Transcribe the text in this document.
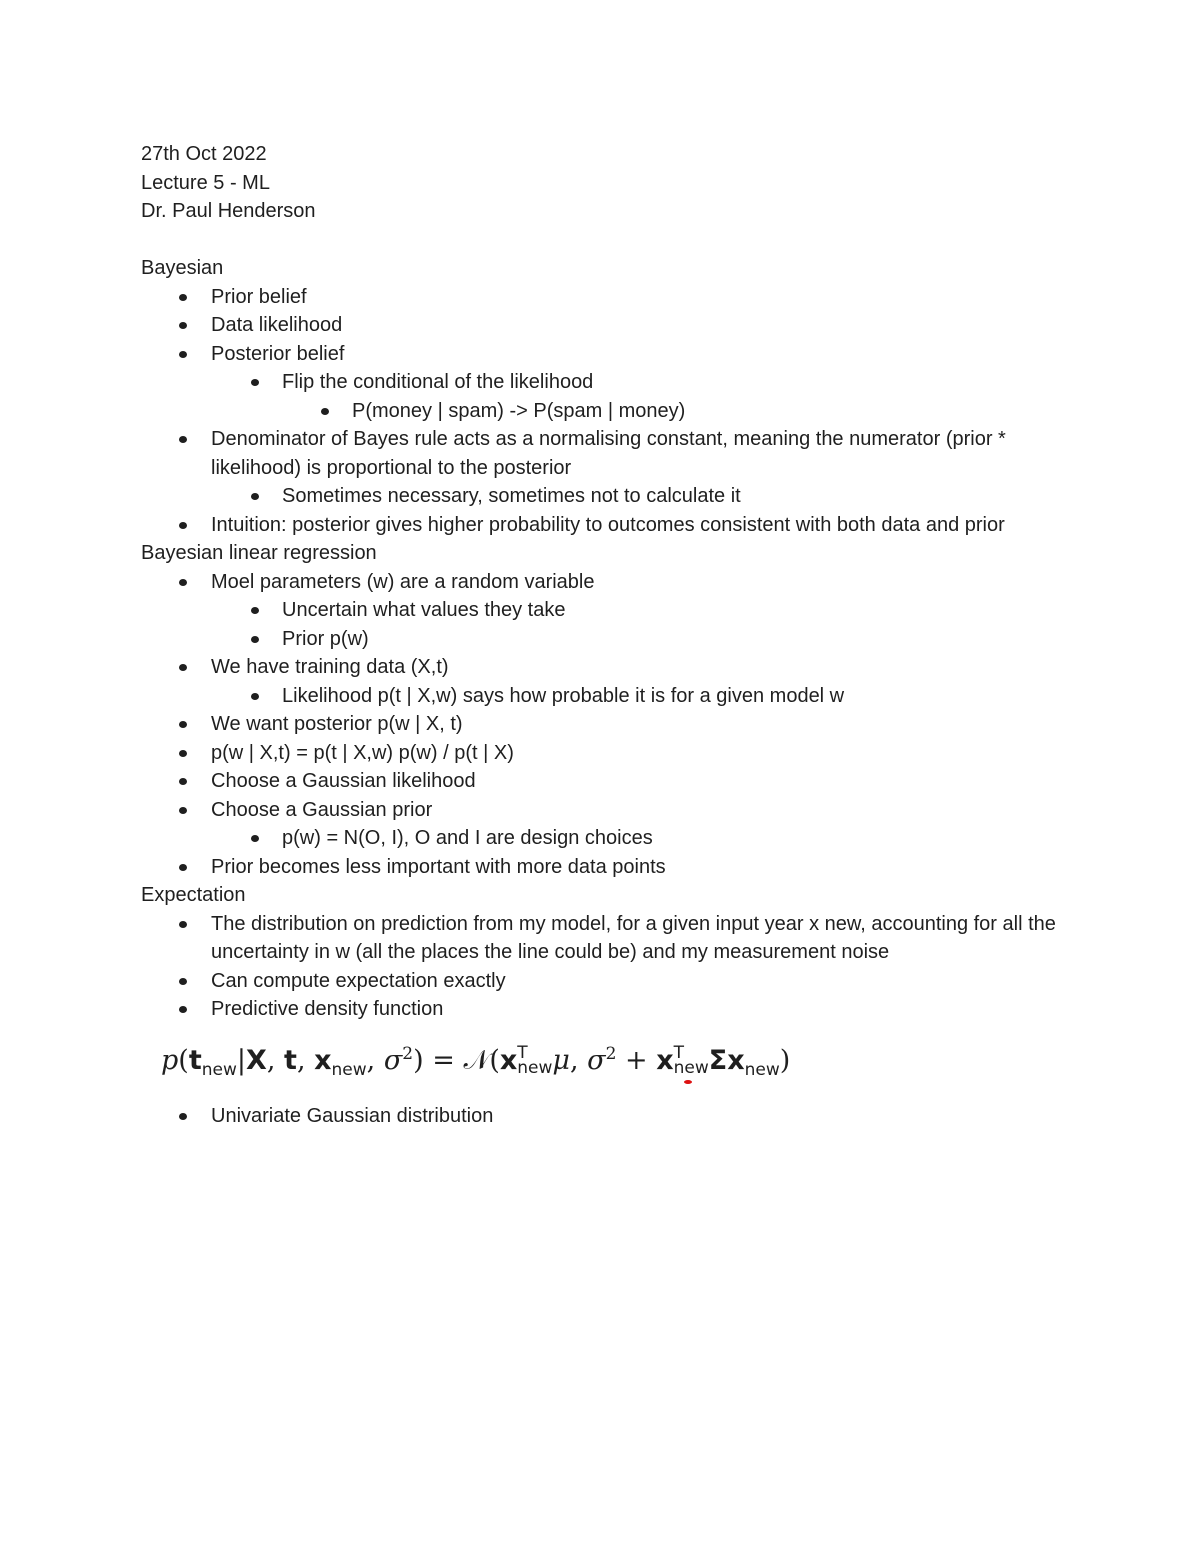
27th Oct 2022

Lecture 5 - ML

Dr. Paul Henderson

Bayesian

Prior belief
Data likelihood
Posterior belief
Flip the conditional of the likelihood
P(money | spam) -> P(spam | money)
Denominator of Bayes rule acts as a normalising constant, meaning the numerator (prior * likelihood) is proportional to the posterior
Sometimes necessary, sometimes not to calculate it
Intuition: posterior gives higher probability to outcomes consistent with both data and prior

Bayesian linear regression

Moel parameters (w) are a random variable
Uncertain what values they take
Prior p(w)
We have training data (X,t)
Likelihood p(t | X,w) says how probable it is for a given model w
We want posterior p(w | X, t)
p(w | X,t) = p(t | X,w) p(w) / p(t | X)
Choose a Gaussian likelihood
Choose a Gaussian prior
p(w) = N(O, I), O and I are design choices
Prior becomes less important with more data points

Expectation

The distribution on prediction from my model, for a given input year x new, accounting for all the uncertainty in w (all the places the line could be) and my measurement noise
Can compute expectation exactly
Predictive density function
$p(t_{new}|X$, t, $x_{new}$, $\sigma^2$) = 𝒩(xT
newμ, $\sigma^2$ + xT
newΣx$_{new}$)
Univariate Gaussian distribution
